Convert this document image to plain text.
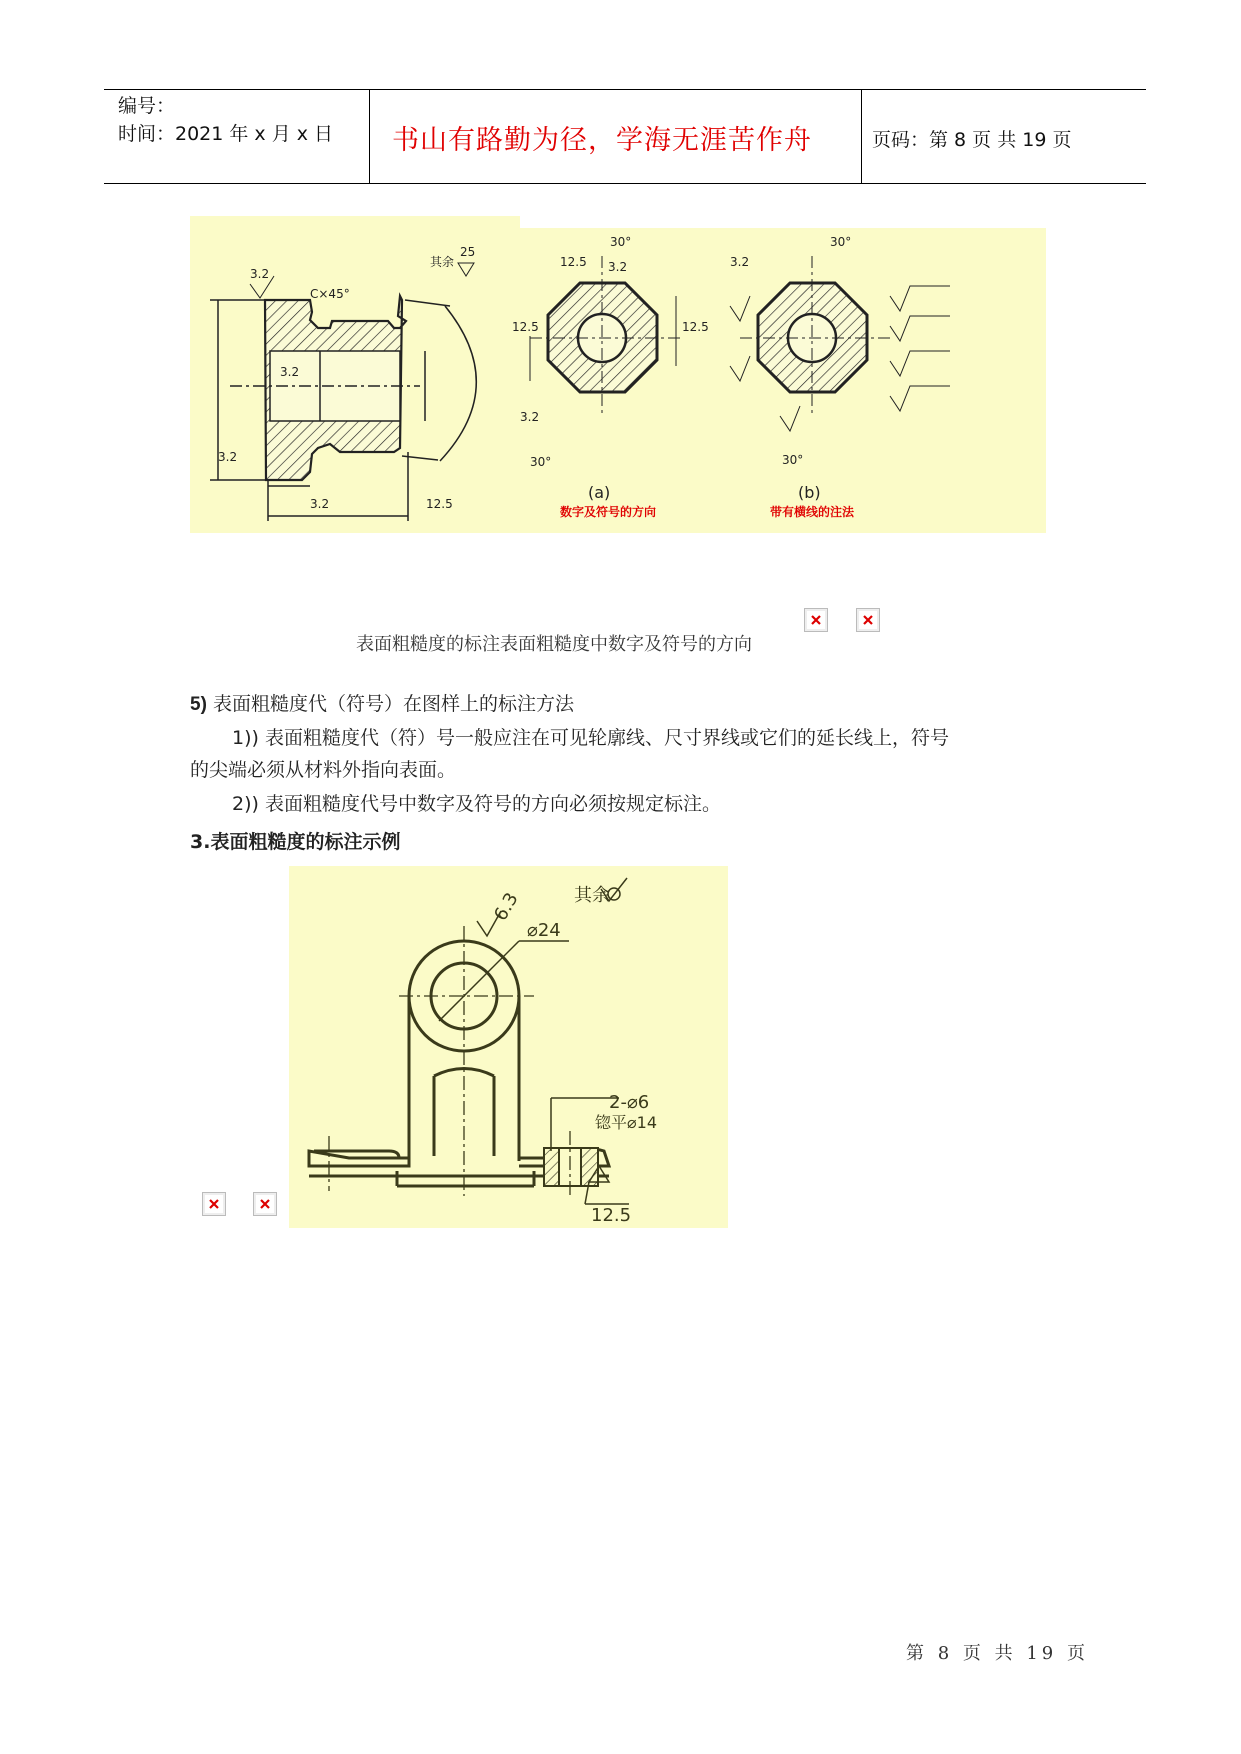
编号：
时间：2021 年 x 月 x 日 书山有路勤为径，学海无涯苦作舟	页码：第 8 页 共 19 页
其余
25
3.2
C×45°
3.2
3.2
3.2	12.5
30°
12.5 3.2	3.2
12.5	12.5
3.2
30°
(a)
数字及符号的方向
30°
30°
(b)
带有横线的注法
表面粗糙度的标注表面粗糙度中数字及符号的方向
5) 表面粗糙度代（符号）在图样上的标注方法
1)) 表面粗糙度代（符）号一般应注在可见轮廓线、尺寸界线或它们的延长线上，符号
的尖端必须从材料外指向表面。
2)) 表面粗糙度代号中数字及符号的方向必须按规定标注。
3.表面粗糙度的标注示例
其余
6.3
⌀24
2-⌀6
锪平⌀14
12.5
第 8 页 共 19 页
